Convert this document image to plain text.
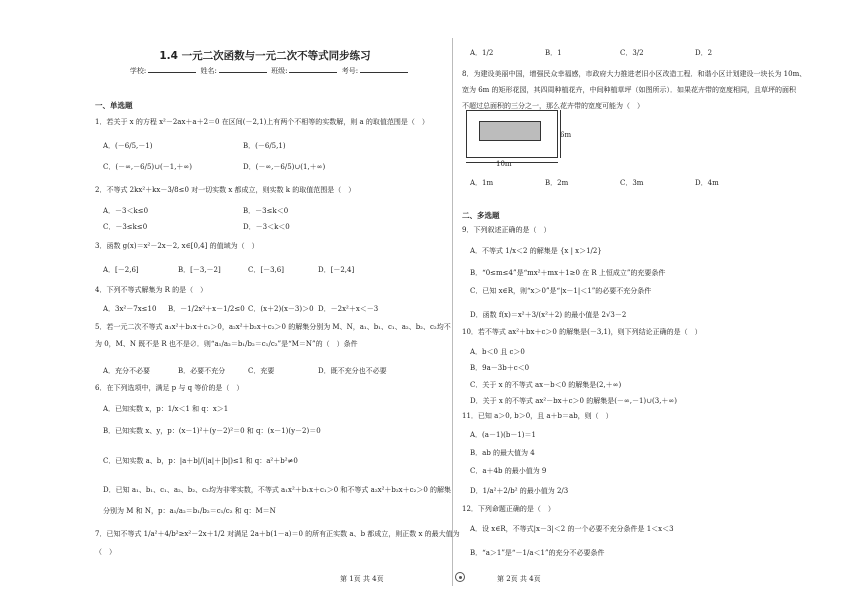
1.4 一元二次函数与一元二次不等式同步练习
学校:	姓名:	班级:	考号:
一、单选题
二、多选题
6m
10m
第 1页 共 4页	第 2页 共 4页
1．若关于 x 的方程 x²－2ax＋a＋2＝0 在区间(－2,1)上有两个不相等的实数解，则 a 的取值范围是（　）
A．(－6/5,－1)	B．(－6/5,1)
C．(－∞,－6/5)∪(－1,＋∞)	D．(－∞,－6/5)∪(1,＋∞)
2．不等式 2kx²＋kx－3/8≤0 对一切实数 x 都成立，则实数 k 的取值范围是（　）
A．－3＜k≤0	B．－3≤k＜0
C．－3≤k≤0	D．－3＜k＜0
3．函数 g(x)＝x²－2x－2, x∈[0,4] 的值域为（　）
A．[－2,6]	B．[－3,－2]	C．[－3,6]	D．[－2,4]
4．下列不等式解集为 R 的是（　）
A．3x²－7x≤10 B．－1/2x²＋x－1/2≤0 C．(x＋2)(x－3)＞0 D．－2x²＋x＜－3
5．若一元二次不等式 a₁x²＋b₁x＋c₁＞0，a₂x²＋b₂x＋c₂＞0 的解集分别为 M、N，a₁、b₁、c₁、a₂、b₂、c₂均不
为 0，M、N 既不是 R 也不是∅．则“a₁/a₂＝b₁/b₂＝c₁/c₂”是“M＝N”的（　）条件
A．充分不必要	B．必要不充分	C．充要	D．既不充分也不必要
6．在下列选项中，满足 p 与 q 等价的是（　）
A．已知实数 x，p：1/x＜1 和 q：x＞1
B．已知实数 x、y，p：(x－1)²＋(y－2)²＝0 和 q：(x－1)(y－2)＝0
C．已知实数 a、b，p：|a＋b|/(|a|＋|b|)≤1 和 q：a²＋b²≠0
D．已知 a₁、b₁、c₁、a₂、b₂、c₂均为非零实数，不等式 a₁x²＋b₁x＋c₁＞0 和不等式 a₂x²＋b₂x＋c₂＞0 的解集
分别为 M 和 N，p：a₁/a₂＝b₁/b₂＝c₁/c₂ 和 q：M＝N
7．已知不等式 1/a²＋4/b²≥x²－2x＋1/2 对满足 2a＋b(1－a)＝0 的所有正实数 a、b 都成立，则正数 x 的最大值为
（　）
A．1/2	B．1	C．3/2	D．2
8．为建设美丽中国，增强民众幸福感，市政府大力推进老旧小区改造工程．和谐小区计划建设一块长为 10m、
宽为 6m 的矩形花园，其四周种植花卉，中间种植草坪（如图所示）．如果花卉带的宽度相同，且草坪的面积
不超过总面积的三分之一，那么花卉带的宽度可能为（　）
A．1m	B．2m	C．3m	D．4m
9．下列叙述正确的是（　）
A．不等式 1/x＜2 的解集是 {x | x＞1/2}
B．“0≤m≤4”是“mx²＋mx＋1≥0 在 R 上恒成立”的充要条件
C．已知 x∈R，则“x＞0”是“|x－1|＜1”的必要不充分条件
D．函数 f(x)＝x²＋3/(x²＋2) 的最小值是 2√3－2
10．若不等式 ax²＋bx＋c＞0 的解集是(－3,1)，则下列结论正确的是（　）
A．b＜0 且 c＞0
B．9a－3b＋c＜0
C．关于 x 的不等式 ax－b＜0 的解集是(2,＋∞)
D．关于 x 的不等式 ax²－bx＋c＞0 的解集是(－∞,－1)∪(3,＋∞)
11．已知 a＞0, b＞0，且 a＋b＝ab，则（　）
A．(a－1)(b－1)＝1
B．ab 的最大值为 4
C．a＋4b 的最小值为 9
D．1/a²＋2/b² 的最小值为 2/3
12．下列命题正确的是（　）
A．设 x∈R，不等式|x－3|＜2 的一个必要不充分条件是 1＜x＜3
B．“a＞1”是“－1/a＜1”的充分不必要条件
